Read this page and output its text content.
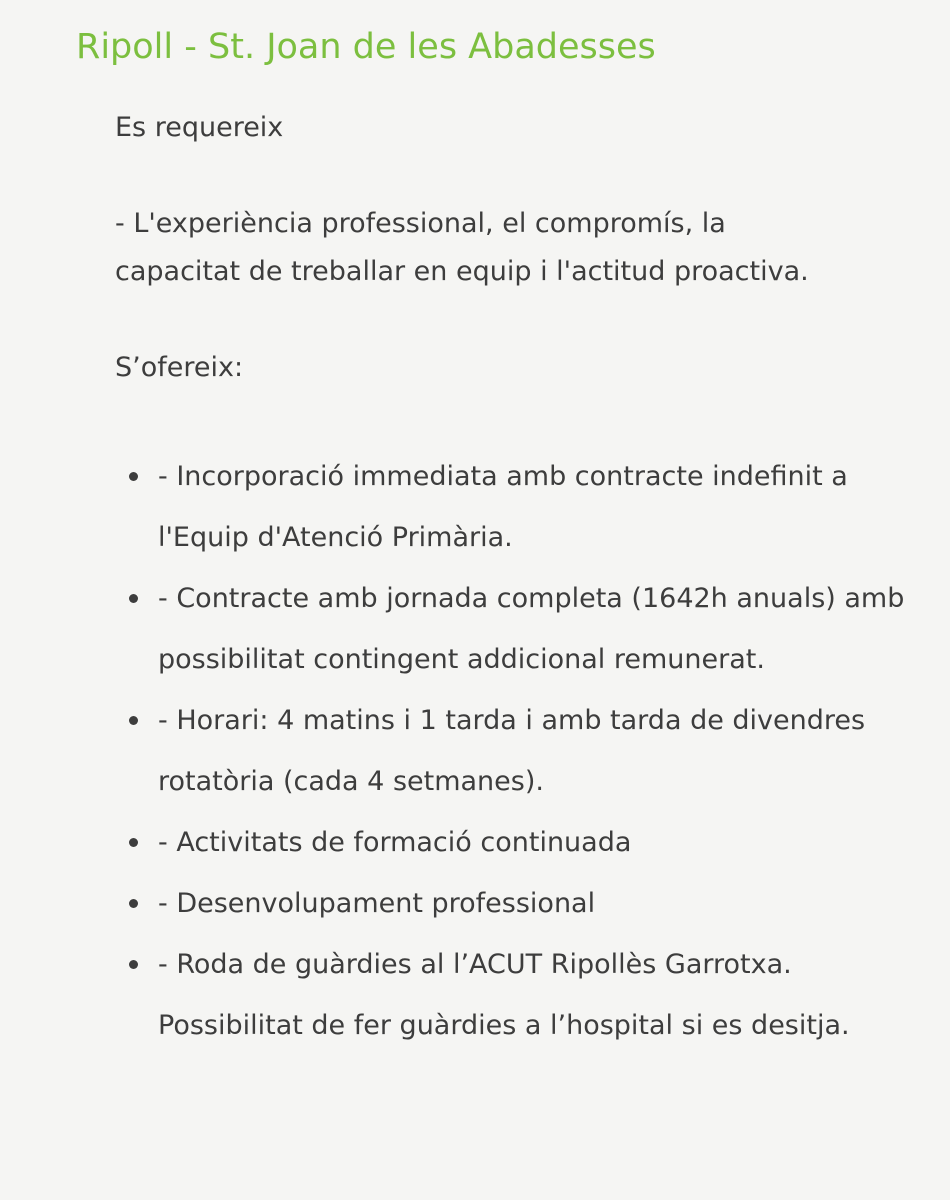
Ripoll - St. Joan de les Abadesses

Es requereix

- L'experiència professional, el compromís, la
capacitat de treballar en equip i l'actitud proactiva.

S’ofereix:

- Incorporació immediata amb contracte indefinit a l'Equip d'Atenció Primària.
- Contracte amb jornada completa (1642h anuals) amb possibilitat contingent addicional remunerat.
- Horari: 4 matins i 1 tarda i amb tarda de divendres rotatòria (cada 4 setmanes).
- Activitats de formació continuada
- Desenvolupament professional
- Roda de guàrdies al l’ACUT Ripollès Garrotxa. Possibilitat de fer guàrdies a l’hospital si es desitja.
